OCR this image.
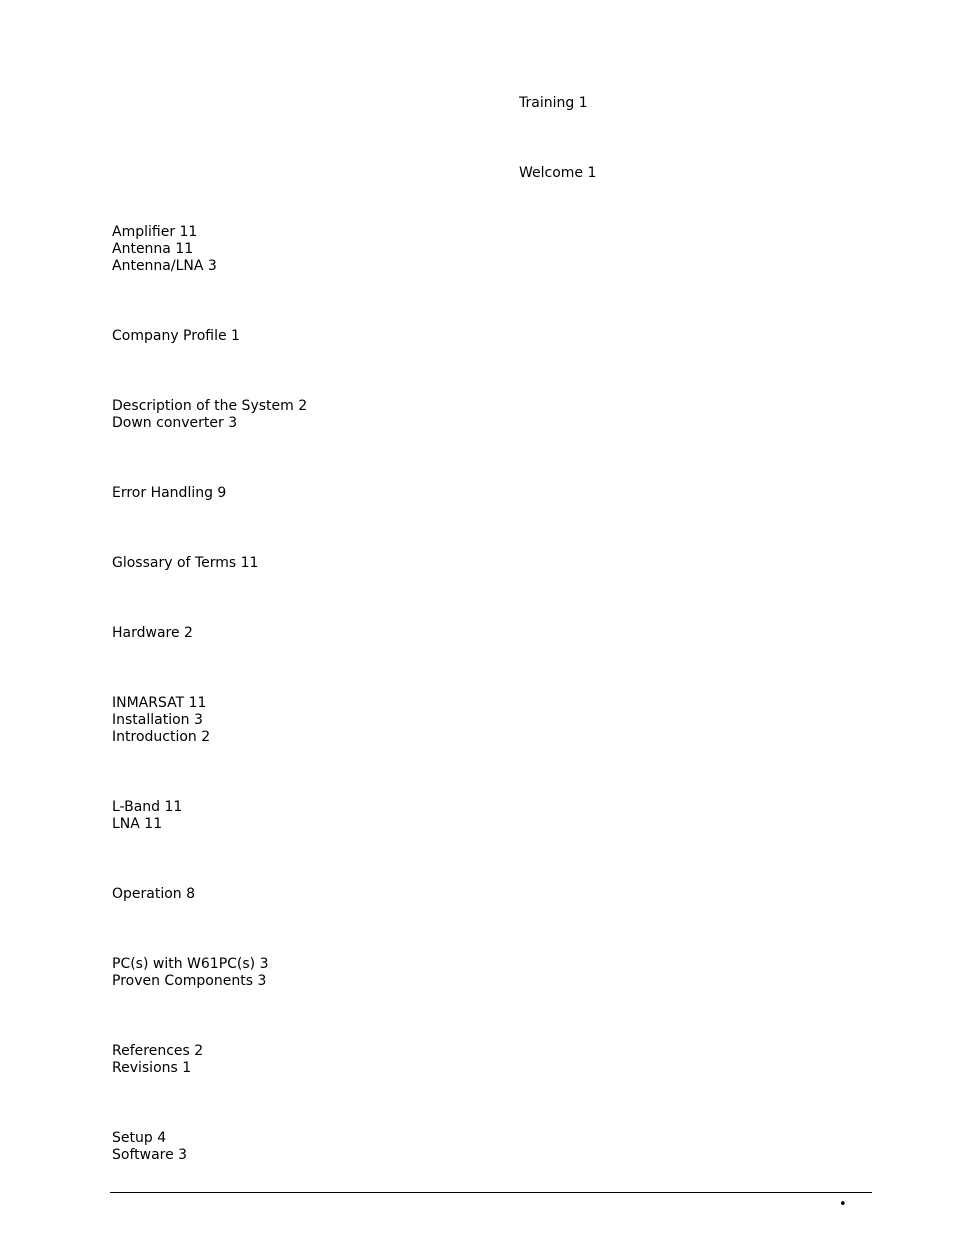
Amplifier 11
Antenna 11
Antenna/LNA 3
Company Profile 1
Description of the System 2
Down converter 3
Error Handling 9
Glossary of Terms 11
Hardware 2
INMARSAT 11
Installation 3
Introduction 2
L-Band 11
LNA 11
Operation 8
PC(s) with W61PC(s) 3
Proven Components 3
References 2
Revisions 1
Setup 4
Software 3
Training 1
Welcome 1
•
